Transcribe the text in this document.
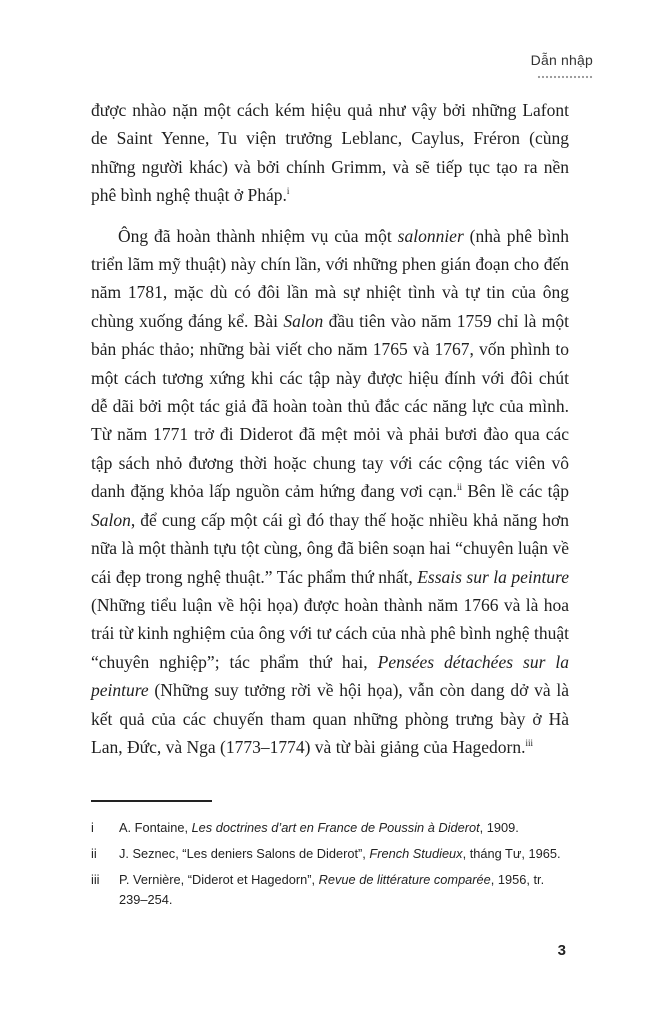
Dẫn nhập

được nhào nặn một cách kém hiệu quả như vậy bởi những Lafont de Saint Yenne, Tu viện trưởng Leblanc, Caylus, Fréron (cùng những người khác) và bởi chính Grimm, và sẽ tiếp tục tạo ra nền phê bình nghệ thuật ở Pháp.$^i$

Ông đã hoàn thành nhiệm vụ của một salonnier (nhà phê bình triển lãm mỹ thuật) này chín lần, với những phen gián đoạn cho đến năm 1781, mặc dù có đôi lần mà sự nhiệt tình và tự tin của ông chùng xuống đáng kể. Bài Salon đầu tiên vào năm 1759 chỉ là một bản phác thảo; những bài viết cho năm 1765 và 1767, vốn phình to một cách tương xứng khi các tập này được hiệu đính với đôi chút dễ dãi bởi một tác giả đã hoàn toàn thủ đắc các năng lực của mình. Từ năm 1771 trở đi Diderot đã mệt mỏi và phải bươi đào qua các tập sách nhỏ đương thời hoặc chung tay với các cộng tác viên vô danh đặng khỏa lấp nguồn cảm hứng đang vơi cạn.$^{ii}$ Bên lề các tập Salon, để cung cấp một cái gì đó thay thế hoặc nhiều khả năng hơn nữa là một thành tựu tột cùng, ông đã biên soạn hai “chuyên luận về cái đẹp trong nghệ thuật.” Tác phẩm thứ nhất, Essais sur la peinture (Những tiểu luận về hội họa) được hoàn thành năm 1766 và là hoa trái từ kinh nghiệm của ông với tư cách của nhà phê bình nghệ thuật “chuyên nghiệp”; tác phẩm thứ hai, Pensées détachées sur la peinture (Những suy tưởng rời về hội họa), vẫn còn dang dở và là kết quả của các chuyến tham quan những phòng trưng bày ở Hà Lan, Đức, và Nga (1773–1774) và từ bài giảng của Hagedorn.$^{iii}$

i	A. Fontaine, Les doctrines d’art en France de Poussin à Diderot, 1909.
ii	J. Seznec, “Les deniers Salons de Diderot”, French Studieux, tháng Tư, 1965.
iii	P. Vernière, “Diderot et Hagedorn”, Revue de littérature comparée, 1956, tr. 239–254.
3
